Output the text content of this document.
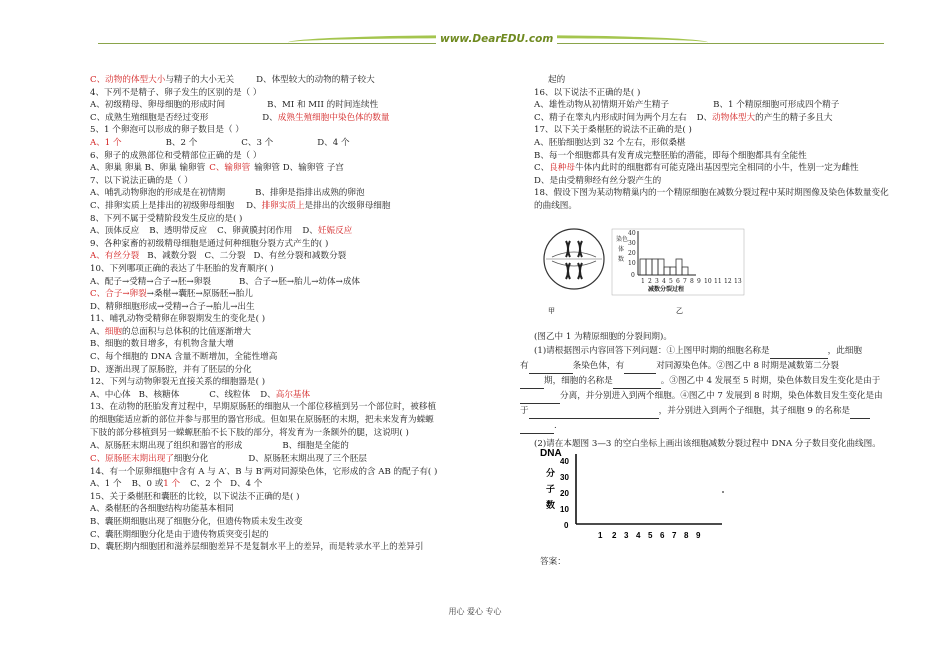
www.DearEDU.com
C、动物的体型大小与精子的大小无关	D、体型较大的动物的精子较大
4、下列不是精子、卵子发生的区别的是（ ）
A、初级精母、卵母细胞的形成时间	B、MI 和 MII 的时间连续性
C、成熟生殖细胞是否经过变形	D、成熟生殖细胞中染色体的数量
5、1 个卵泡可以形成的卵子数目是（ ）
A、1 个	B、2 个	C、3 个	D、4 个
6、卵子的成熟部位和受精部位正确的是（ ）
A、卵巢 卵巢 B、卵巢 输卵管 C、输卵管 输卵管 D、输卵管 子宫
7、以下说法正确的是（ ）
A、哺乳动物卵泡的形成是在初情期	B、排卵是指排出成熟的卵泡
C、排卵实质上是排出的初级卵母细胞 D、排卵实质上是排出的次级卵母细胞
8、下列不属于受精阶段发生反应的是( )
A、顶体反应 B、透明带反应 C、卵黄膜封闭作用 D、妊娠反应
9、各种家畜的初级精母细胞是通过何种细胞分裂方式产生的( )
A、有丝分裂 B、减数分裂 C、二分裂 D、有丝分裂和减数分裂
10、下列哪项正确的表达了牛胚胎的发育顺序( )
A、配子→受精→合子→胚→卵裂	B、合子→胚→胎儿→幼体→成体
C、合子→卵裂→桑椹→囊胚→原肠胚→胎儿
D、精卵细胞形成→受精→合子→胎儿→出生
11、哺乳动物受精卵在卵裂期发生的变化是( )
A、细胞的总面积与总体积的比值逐渐增大
B、细胞的数目增多，有机物含量大增
C、每个细胞的 DNA 含量不断增加，全能性增高
D、逐渐出现了原肠腔，并有了胚层的分化
12、下列与动物卵裂无直接关系的细胞器是( )
A、中心体 B、核糖体	C、线粒体 D、高尔基体
13、在动物的胚胎发育过程中，早期原肠胚的细胞从一个部位移植到另一个部位时，被移植的细胞能适应新的部位并参与那里的器官形成。但如果在原肠胚的末期，把未来发育为蝾螈下肢的部分移植到另一蝾螈胚胎不长下肢的部分，将发育为一条额外的腿，这说明( )
A、原肠胚末期出现了组织和器官的形成	B、细胞是全能的
C、原肠胚末期出现了细胞分化	D、原肠胚末期出现了三个胚层
14、有一个原卵细胞中含有 A 与 A′、B 与 B′两对同源染色体，它形成的含 AB 的配子有( )
A、1 个 B、0 或1 个 C、2 个 D、4 个
15、关于桑椹胚和囊胚的比较，以下说法不正确的是( )
A、桑椹胚的各细胞结构功能基本相同
B、囊胚期细胞出现了细胞分化，但遗传物质未发生改变
C、囊胚期细胞分化是由于遗传物质突变引起的
D、囊胚期内细胞团和滋养层细胞差异不是复制水平上的差异，而是转录水平上的差异引
起的
16、以下说法不正确的是( )
A、雄性动物从初情期开始产生精子	B、1 个精原细胞可形成四个精子
C、精子在睾丸内形成时间为两个月左右 D、动物体型大的产生的精子多且大
17、以下关于桑椹胚的说法不正确的是( )
A、胚胎细胞达到 32 个左右，形似桑椹
B、每一个细胞都具有发育成完整胚胎的潜能，即每个细胞都具有全能性
C、良种母牛体内此时的细胞都有可能克隆出基因型完全相同的小牛，性别一定为雌性
D、是由受精卵经有丝分裂产生的
18、假设下图为某动物精巢内的一个精原细胞在减数分裂过程中某时期图像及染色体数量变化的曲线图。
染色
体
数
40
30
20
10
0
1 2 3 4 5 6 7 8 9 10 11 12 13
减数分裂过程
甲	乙
(图乙中 1 为精原细胞的分裂间期)。
(1)请根据图示内容回答下列问题：①上图甲时期的细胞名称是	，此细胞
有	条染色体，有	对同源染色体。②图乙中 8 时期是减数第二分裂
期，细胞的名称是	。③图乙中 4 发展至 5 时期，染色体数目发生变化是由于
分离，并分别进入到两个细胞。④图乙中 7 发展到 8 时期，染色体数目发生变化是由
于	，并分别进入到两个子细胞，其子细胞 9 的名称是
.
(2)请在本题图 3—3 的空白坐标上画出该细胞减数分裂过程中 DNA 分子数目变化曲线图。
DNA
分
子
数
40
30
20
10
0
1 2 3 4 5 6 7 8 9
答案：
用心 爱心 专心
